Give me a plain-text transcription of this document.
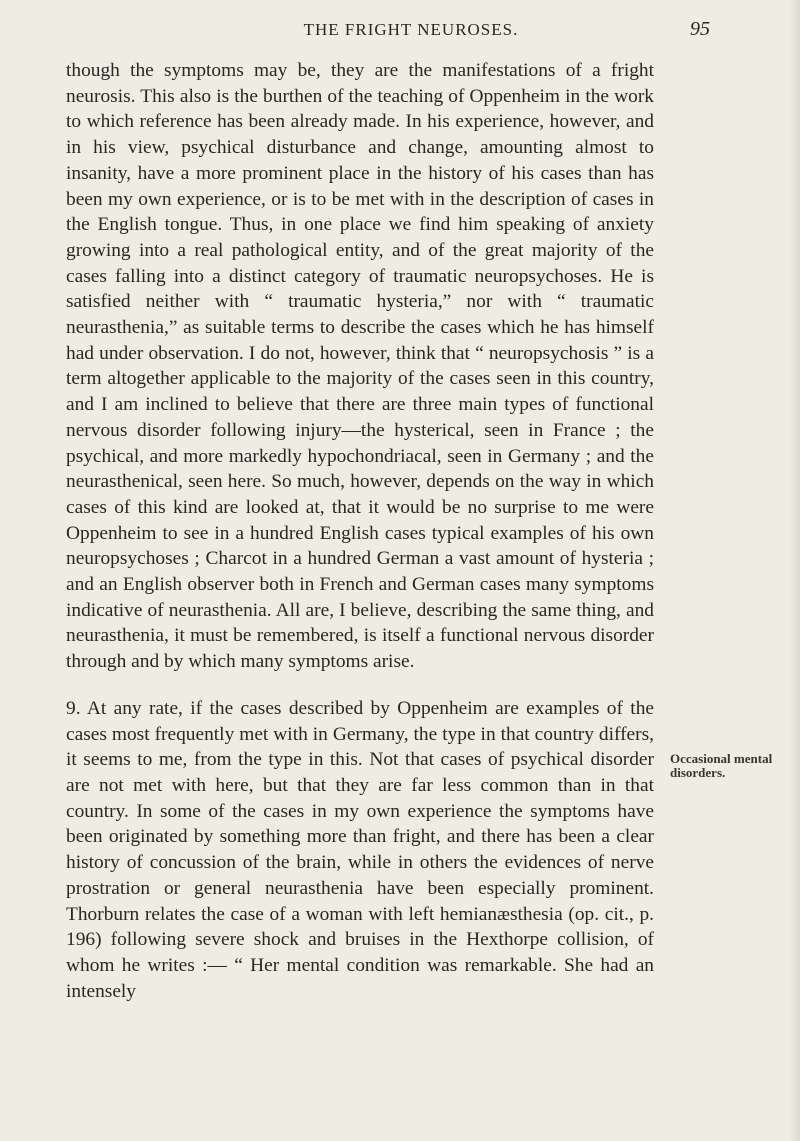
THE FRIGHT NEUROSES.	95

though the symptoms may be, they are the manifestations of a fright neurosis. This also is the burthen of the teaching of Oppenheim in the work to which reference has been already made. In his experience, however, and in his view, psychical disturbance and change, amounting almost to insanity, have a more prominent place in the history of his cases than has been my own experience, or is to be met with in the description of cases in the English tongue. Thus, in one place we find him speaking of anxiety growing into a real pathological entity, and of the great majority of the cases falling into a distinct category of traumatic neuropsychoses. He is satisfied neither with “ traumatic hysteria,” nor with “ traumatic neurasthenia,” as suitable terms to describe the cases which he has himself had under observation. I do not, however, think that “ neuropsychosis ” is a term altogether applicable to the majority of the cases seen in this country, and I am inclined to believe that there are three main types of functional nervous disorder following injury—the hysterical, seen in France ; the psychical, and more markedly hypochondriacal, seen in Germany ; and the neurasthenical, seen here. So much, however, depends on the way in which cases of this kind are looked at, that it would be no surprise to me were Oppenheim to see in a hundred English cases typical examples of his own neuropsychoses ; Charcot in a hundred German a vast amount of hysteria ; and an English observer both in French and German cases many symptoms indicative of neurasthenia. All are, I believe, describing the same thing, and neurasthenia, it must be remembered, is itself a functional nervous disorder through and by which many symptoms arise.

9. At any rate, if the cases described by Oppenheim are examples of the cases most frequently met with in Germany, the type in that country differs, it seems to me, from the type in this. Not that cases of psychical disorder are not met with here, but that they are far less common than in that country. In some of the cases in my own experience the symptoms have been originated by something more than fright, and there has been a clear history of concussion of the brain, while in others the evidences of nerve prostration or general neurasthenia have been especially prominent. Thorburn relates the case of a woman with left hemianæsthesia (op. cit., p. 196) following severe shock and bruises in the Hexthorpe collision, of whom he writes :— “ Her mental condition was remarkable. She had an intensely

Occasional mental disorders.
